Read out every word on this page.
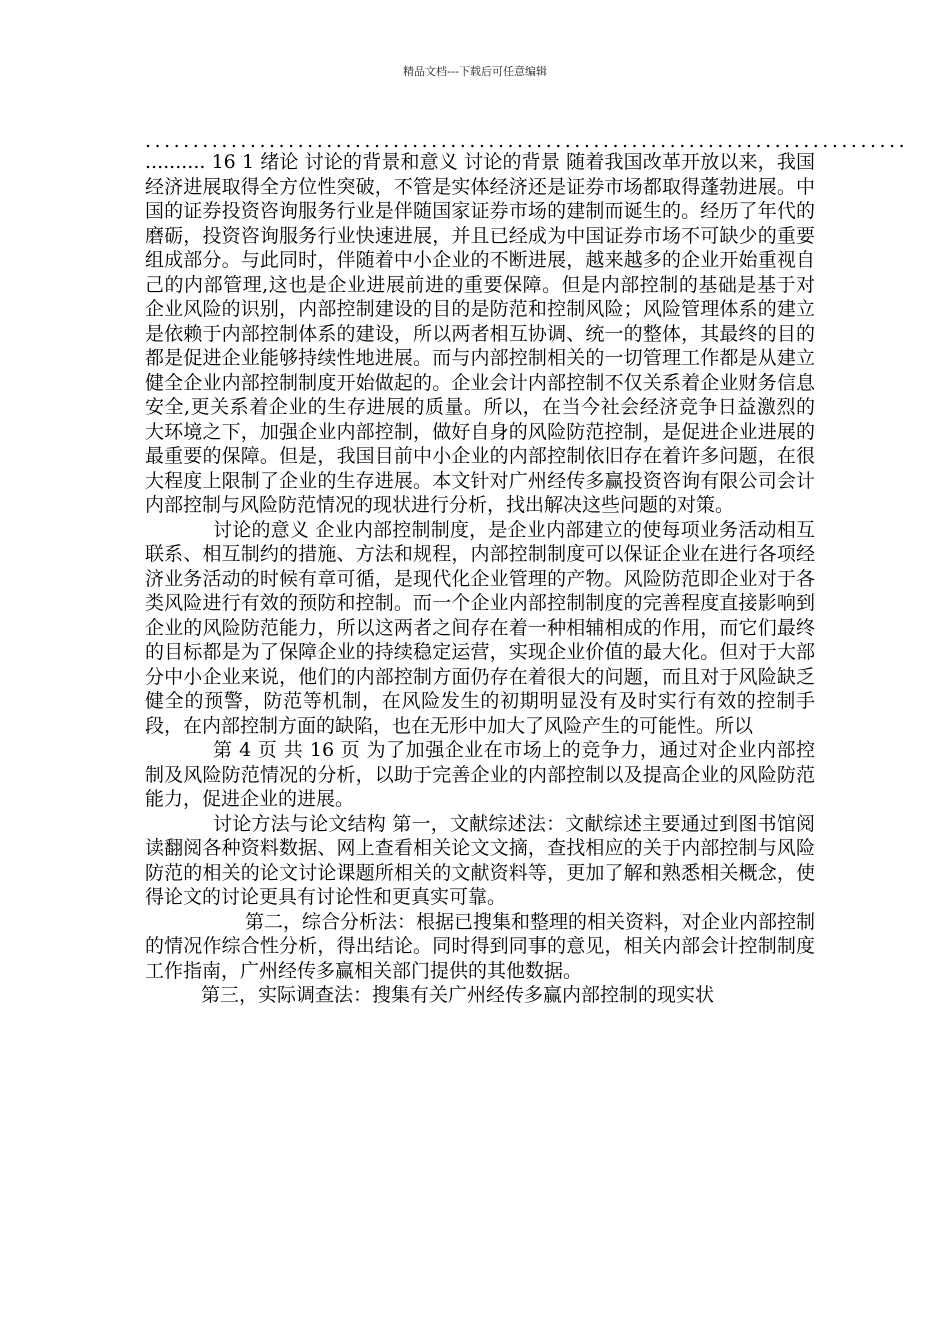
精品文档---下载后可任意编辑
................................................................................

.......... 16 1 绪论 讨论的背景和意义 讨论的背景 随着我国改革开放以来，我国经济进展取得全方位性突破，不管是实体经济还是证券市场都取得蓬勃进展。中国的证券投资咨询服务行业是伴随国家证券市场的建制而诞生的。经历了年代的磨砺，投资咨询服务行业快速进展，并且已经成为中国证券市场不可缺少的重要组成部分。与此同时，伴随着中小企业的不断进展，越来越多的企业开始重视自己的内部管理,这也是企业进展前进的重要保障。但是内部控制的基础是基于对企业风险的识别，内部控制建设的目的是防范和控制风险；风险管理体系的建立是依赖于内部控制体系的建设，所以两者相互协调、统一的整体，其最终的目的都是促进企业能够持续性地进展。而与内部控制相关的一切管理工作都是从建立健全企业内部控制制度开始做起的。企业会计内部控制不仅关系着企业财务信息安全,更关系着企业的生存进展的质量。所以，在当今社会经济竞争日益激烈的大环境之下，加强企业内部控制，做好自身的风险防范控制，是促进企业进展的最重要的保障。但是，我国目前中小企业的内部控制依旧存在着许多问题，在很大程度上限制了企业的生存进展。本文针对广州经传多赢投资咨询有限公司会计内部控制与风险防范情况的现状进行分析，找出解决这些问题的对策。

讨论的意义 企业内部控制制度，是企业内部建立的使每项业务活动相互联系、相互制约的措施、方法和规程，内部控制制度可以保证企业在进行各项经济业务活动的时候有章可循，是现代化企业管理的产物。风险防范即企业对于各类风险进行有效的预防和控制。而一个企业内部控制制度的完善程度直接影响到企业的风险防范能力，所以这两者之间存在着一种相辅相成的作用，而它们最终的目标都是为了保障企业的持续稳定运营，实现企业价值的最大化。但对于大部分中小企业来说，他们的内部控制方面仍存在着很大的问题，而且对于风险缺乏健全的预警，防范等机制，在风险发生的初期明显没有及时实行有效的控制手段，在内部控制方面的缺陷，也在无形中加大了风险产生的可能性。所以

第 4 页 共 16 页 为了加强企业在市场上的竞争力，通过对企业内部控制及风险防范情况的分析，以助于完善企业的内部控制以及提高企业的风险防范能力，促进企业的进展。

讨论方法与论文结构 第一，文献综述法：文献综述主要通过到图书馆阅读翻阅各种资料数据、网上查看相关论文文摘，查找相应的关于内部控制与风险防范的相关的论文讨论课题所相关的文献资料等，更加了解和熟悉相关概念，使得论文的讨论更具有讨论性和更真实可靠。

第二，综合分析法：根据已搜集和整理的相关资料，对企业内部控制的情况作综合性分析，得出结论。同时得到同事的意见，相关内部会计控制制度工作指南，广州经传多赢相关部门提供的其他数据。

第三，实际调查法：搜集有关广州经传多赢内部控制的现实状
